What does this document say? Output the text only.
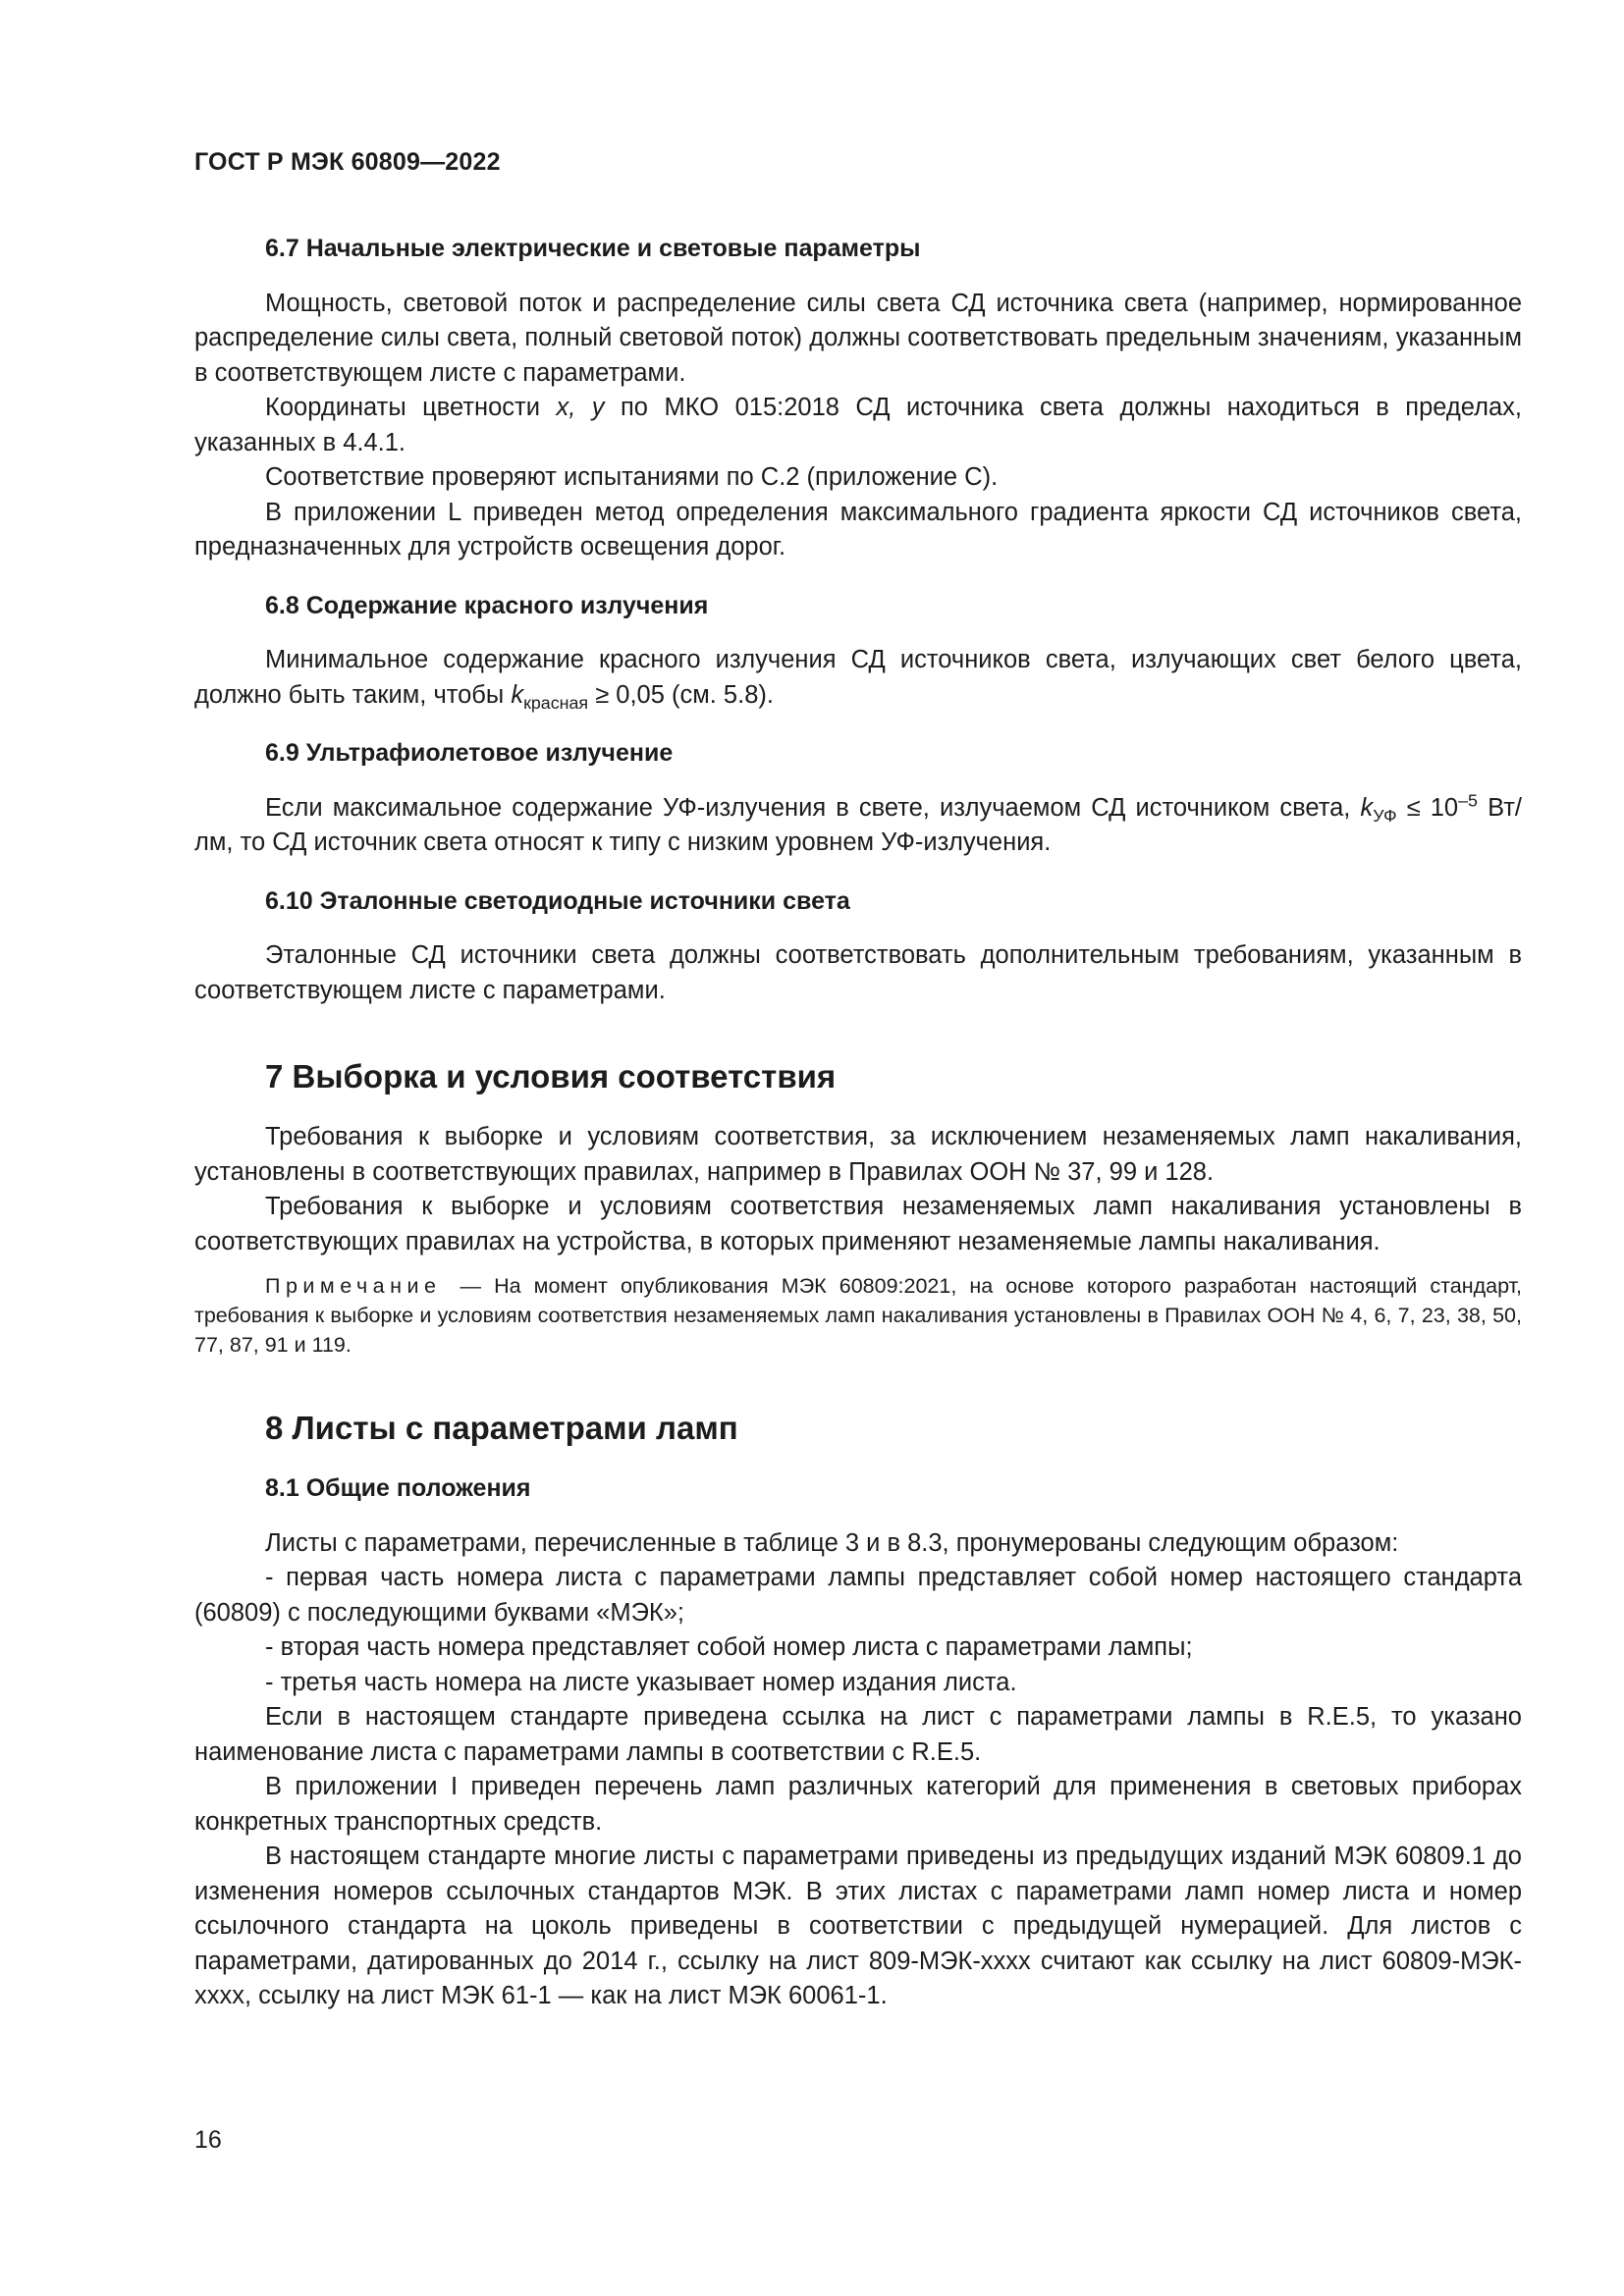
ГОСТ Р МЭК 60809—2022

6.7 Начальные электрические и световые параметры

Мощность, световой поток и распределение силы света СД источника света (например, нормированное распределение силы света, полный световой поток) должны соответствовать предельным значениям, указанным в соответствующем листе с параметрами.

Координаты цветности x, y по МКО 015:2018 СД источника света должны находиться в пределах, указанных в 4.4.1.

Соответствие проверяют испытаниями по С.2 (приложение С).

В приложении L приведен метод определения максимального градиента яркости СД источников света, предназначенных для устройств освещения дорог.

6.8 Содержание красного излучения

Минимальное содержание красного излучения СД источников света, излучающих свет белого цвета, должно быть таким, чтобы $k_{красная} \ge 0,05$ (см. 5.8).

6.9 Ультрафиолетовое излучение

Если максимальное содержание УФ-излучения в свете, излучаемом СД источником света, $k_{УФ} \le 10^{-5}$ Вт/лм, то СД источник света относят к типу с низким уровнем УФ-излучения.

6.10 Эталонные светодиодные источники света

Эталонные СД источники света должны соответствовать дополнительным требованиям, указанным в соответствующем листе с параметрами.

7 Выборка и условия соответствия

Требования к выборке и условиям соответствия, за исключением незаменяемых ламп накаливания, установлены в соответствующих правилах, например в Правилах ООН № 37, 99 и 128.

Требования к выборке и условиям соответствия незаменяемых ламп накаливания установлены в соответствующих правилах на устройства, в которых применяют незаменяемые лампы накаливания.

Примечание — На момент опубликования МЭК 60809:2021, на основе которого разработан настоящий стандарт, требования к выборке и условиям соответствия незаменяемых ламп накаливания установлены в Правилах ООН № 4, 6, 7, 23, 38, 50, 77, 87, 91 и 119.

8 Листы с параметрами ламп

8.1 Общие положения

Листы с параметрами, перечисленные в таблице 3 и в 8.3, пронумерованы следующим образом:

- первая часть номера листа с параметрами лампы представляет собой номер настоящего стандарта (60809) с последующими буквами «МЭК»;

- вторая часть номера представляет собой номер листа с параметрами лампы;

- третья часть номера на листе указывает номер издания листа.

Если в настоящем стандарте приведена ссылка на лист с параметрами лампы в R.E.5, то указано наименование листа с параметрами лампы в соответствии с R.E.5.

В приложении I приведен перечень ламп различных категорий для применения в световых приборах конкретных транспортных средств.

В настоящем стандарте многие листы с параметрами приведены из предыдущих изданий МЭК 60809.1 до изменения номеров ссылочных стандартов МЭК. В этих листах с параметрами ламп номер листа и номер ссылочного стандарта на цоколь приведены в соответствии с предыдущей нумерацией. Для листов с параметрами, датированных до 2014 г., ссылку на лист 809-МЭК-xxxx считают как ссылку на лист 60809-МЭК-xxxx, ссылку на лист МЭК 61-1 — как на лист МЭК 60061-1.

16
